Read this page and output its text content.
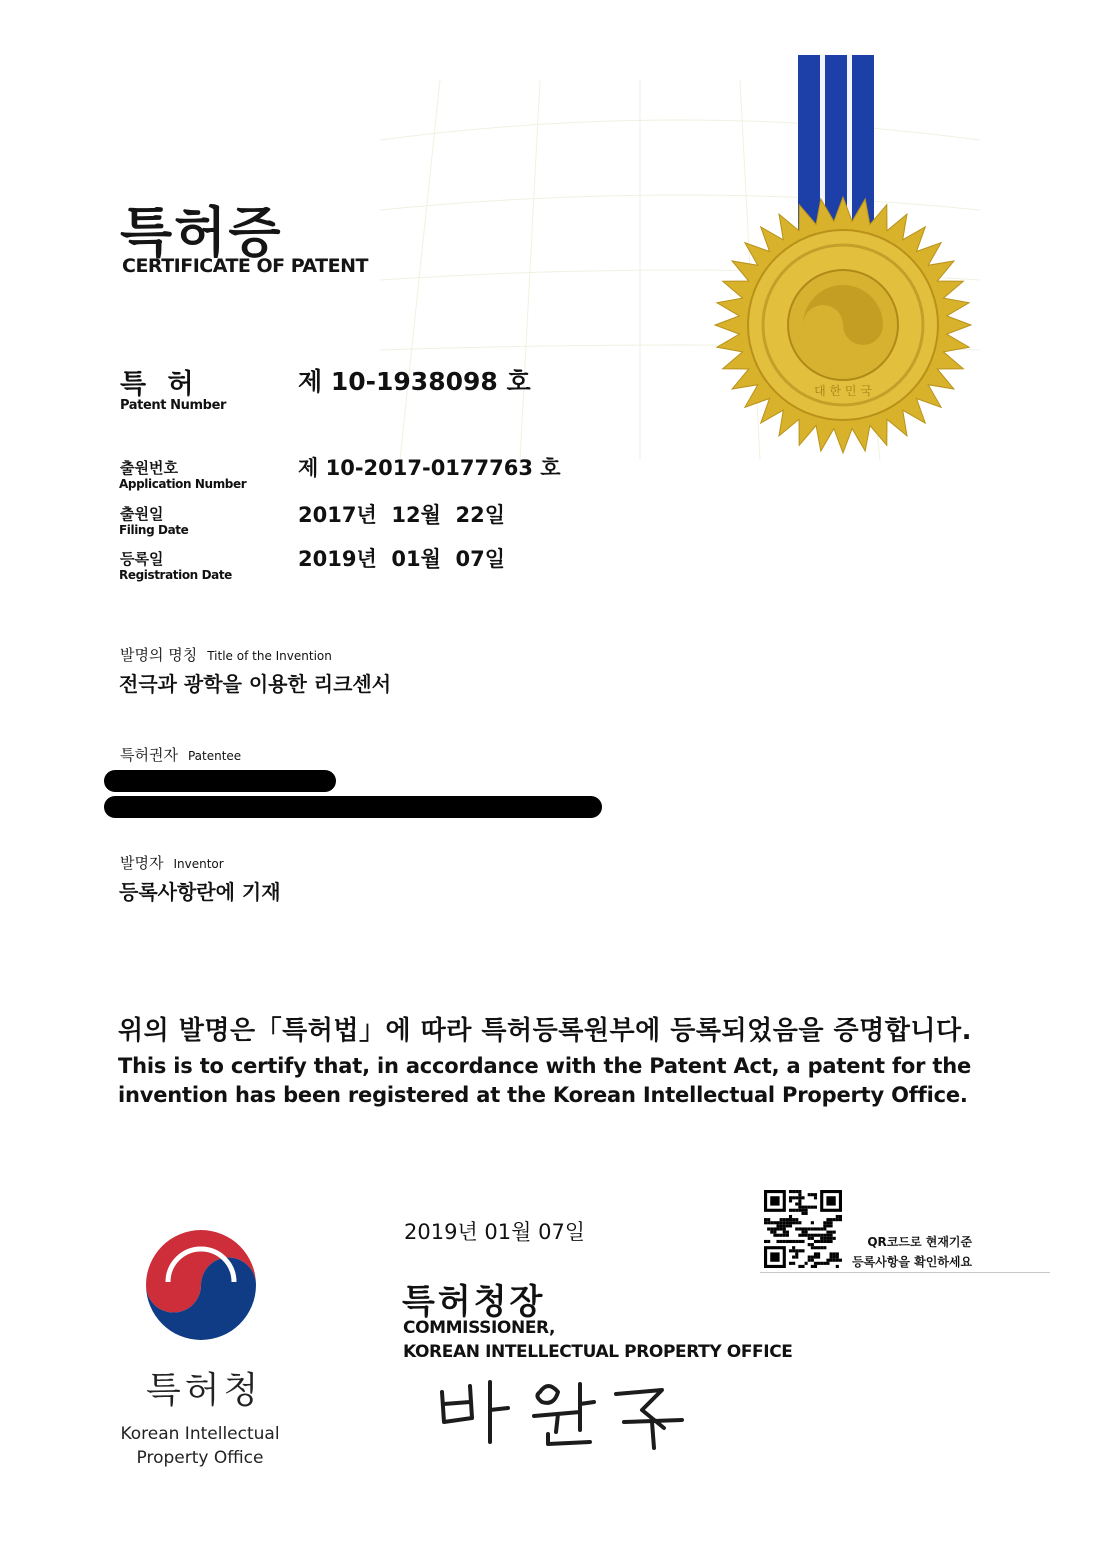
대 한 민 국
특허증
CERTIFICATE OF PATENT
특 허
Patent Number
제 10-1938098 호
출원번호
Application Number
제 10-2017-0177763 호
출원일
Filing Date
2017년  12월  22일
등록일
Registration Date
2019년  01월  07일
발명의 명칭 Title of the Invention
전극과 광학을 이용한 리크센서
특허권자 Patentee
발명자 Inventor
등록사항란에 기재
위의 발명은「특허법」에 따라 특허등록원부에 등록되었음을 증명합니다.
This is to certify that, in accordance with the Patent Act, a patent for the invention has been registered at the Korean Intellectual Property Office.
특허청
Korean Intellectual
Property Office
2019년 01월 07일
특허청장
COMMISSIONER,
KOREAN INTELLECTUAL PROPERTY OFFICE
QR코드로 현재기준
등록사항을 확인하세요
